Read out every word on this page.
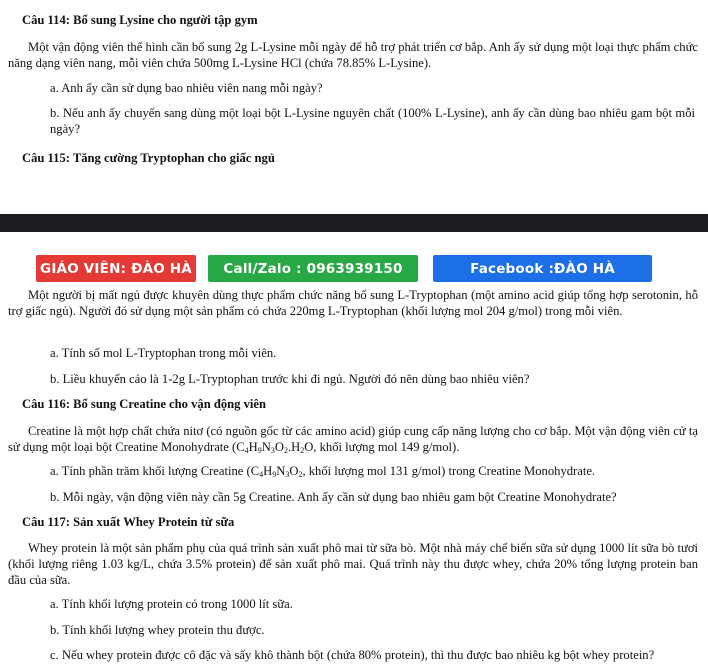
Câu 114: Bổ sung Lysine cho người tập gym
Một vận động viên thể hình cần bổ sung 2g L-Lysine mỗi ngày để hỗ trợ phát triển cơ bắp. Anh ấy sử dụng một loại thực phẩm chức năng dạng viên nang, mỗi viên chứa 500mg L-Lysine HCl (chứa 78.85% L-Lysine).
a. Anh ấy cần sử dụng bao nhiêu viên nang mỗi ngày?
b. Nếu anh ấy chuyển sang dùng một loại bột L-Lysine nguyên chất (100% L-Lysine), anh ấy cần dùng bao nhiêu gam bột mỗi ngày?
Câu 115: Tăng cường Tryptophan cho giấc ngủ
GIÁO VIÊN: ĐÀO HÀ	Call/Zalo : 0963939150	Facebook :ĐÀO HÀ
Một người bị mất ngủ được khuyên dùng thực phẩm chức năng bổ sung L-Tryptophan (một amino acid giúp tổng hợp serotonin, hỗ trợ giấc ngủ). Người đó sử dụng một sản phẩm có chứa 220mg L-Tryptophan (khối lượng mol 204 g/mol) trong mỗi viên.
a. Tính số mol L-Tryptophan trong mỗi viên.
b. Liều khuyến cáo là 1-2g L-Tryptophan trước khi đi ngủ. Người đó nên dùng bao nhiêu viên?
Câu 116: Bổ sung Creatine cho vận động viên
Creatine là một hợp chất chứa nitơ (có nguồn gốc từ các amino acid) giúp cung cấp năng lượng cho cơ bắp. Một vận động viên cử tạ sử dụng một loại bột Creatine Monohydrate ($C_4H_9N_3O_2.H_2O$, khối lượng mol 149 g/mol).
a. Tính phần trăm khối lượng Creatine ($C_4H_9N_3O_2$, khối lượng mol 131 g/mol) trong Creatine Monohydrate.
b. Mỗi ngày, vận động viên này cần 5g Creatine. Anh ấy cần sử dụng bao nhiêu gam bột Creatine Monohydrate?
Câu 117: Sản xuất Whey Protein từ sữa
Whey protein là một sản phẩm phụ của quá trình sản xuất phô mai từ sữa bò. Một nhà máy chế biến sữa sử dụng 1000 lít sữa bò tươi (khối lượng riêng 1.03 kg/L, chứa 3.5% protein) để sản xuất phô mai. Quá trình này thu được whey, chứa 20% tổng lượng protein ban đầu của sữa.
a. Tính khối lượng protein có trong 1000 lít sữa.
b. Tính khối lượng whey protein thu được.
c. Nếu whey protein được cô đặc và sấy khô thành bột (chứa 80% protein), thì thu được bao nhiêu kg bột whey protein?
